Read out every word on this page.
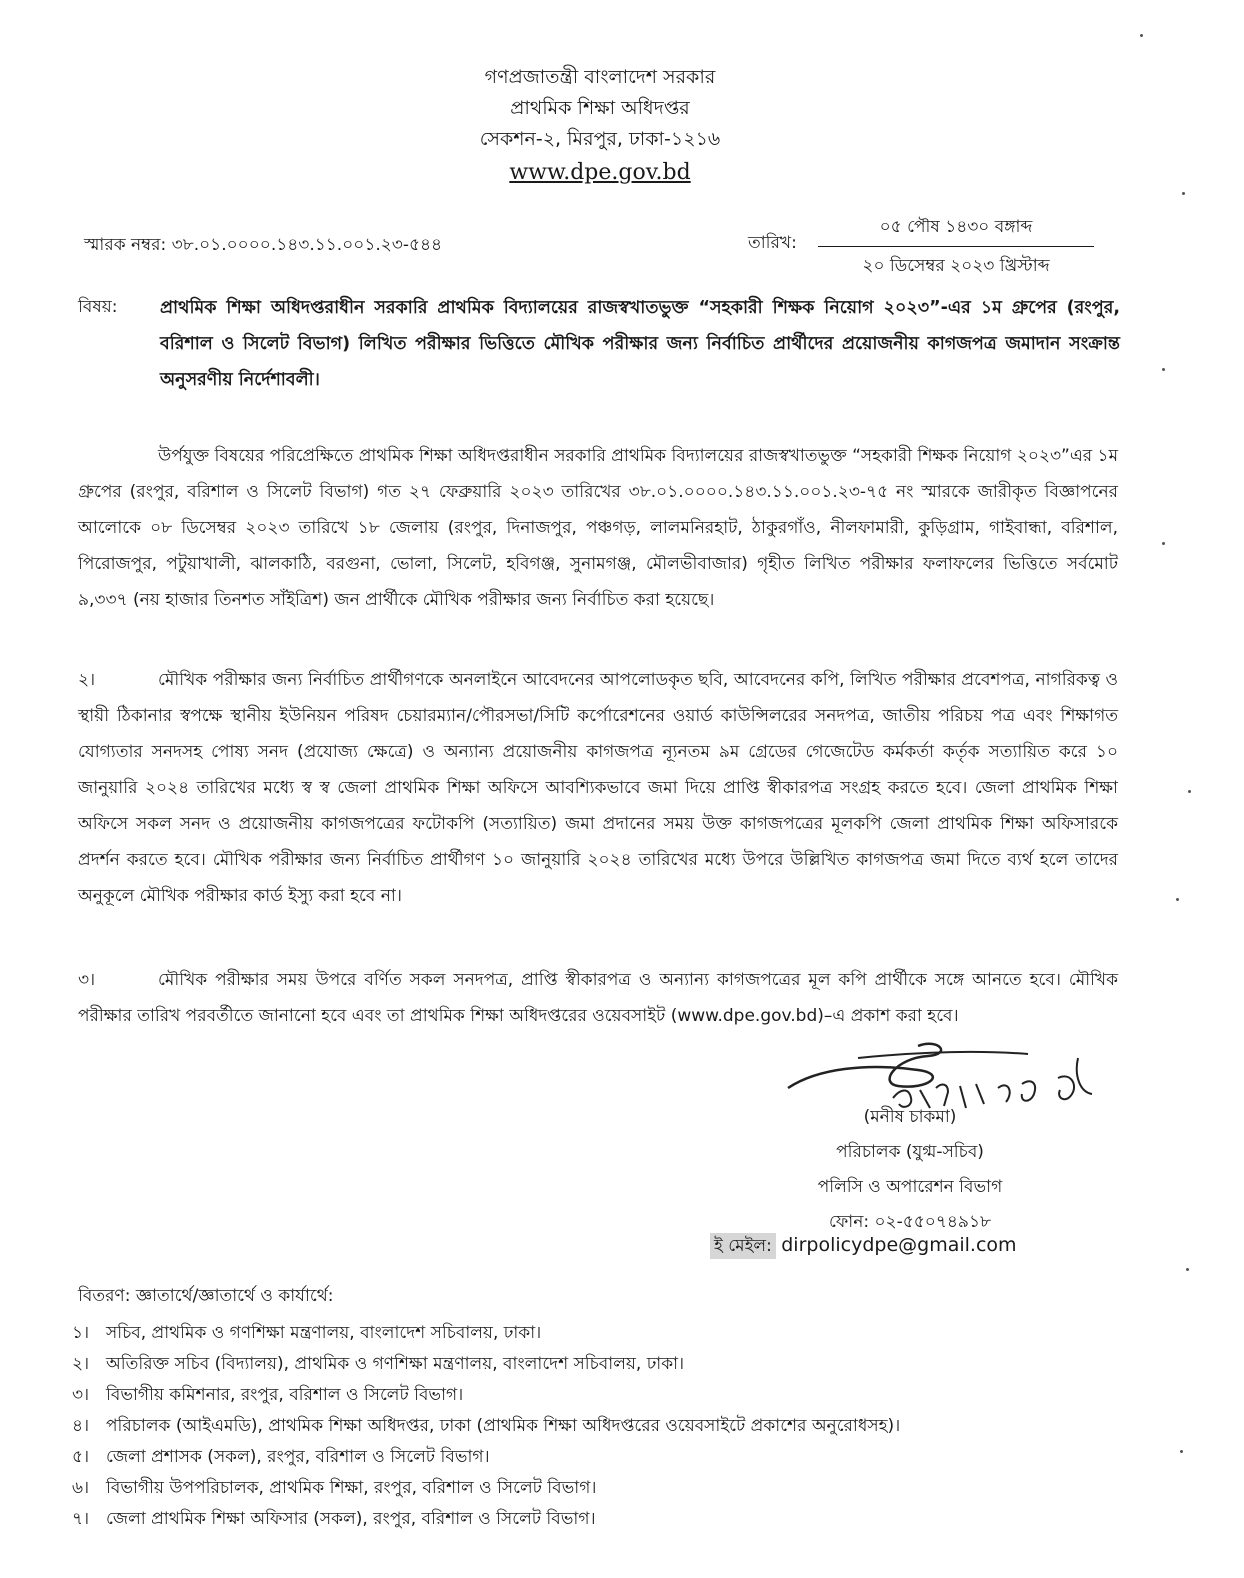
গণপ্রজাতন্ত্রী বাংলাদেশ সরকার
প্রাথমিক শিক্ষা অধিদপ্তর
সেকশন-২, মিরপুর, ঢাকা-১২১৬
www.dpe.gov.bd
স্মারক নম্বর: ৩৮.০১.০০০০.১৪৩.১১.০০১.২৩-৫৪৪	তারিখ:
০৫ পৌষ ১৪৩০ বঙ্গাব্দ
২০ ডিসেম্বর ২০২৩ খ্রিস্টাব্দ
বিষয়: প্রাথমিক শিক্ষা অধিদপ্তরাধীন সরকারি প্রাথমিক বিদ্যালয়ের রাজস্বখাতভুক্ত “সহকারী শিক্ষক নিয়োগ ২০২৩”-এর ১ম গ্রুপের (রংপুর, বরিশাল ও সিলেট বিভাগ) লিখিত পরীক্ষার ভিত্তিতে মৌখিক পরীক্ষার জন্য নির্বাচিত প্রার্থীদের প্রয়োজনীয় কাগজপত্র জমাদান সংক্রান্ত অনুসরণীয় নির্দেশাবলী।
উর্পযুক্ত বিষয়ের পরিপ্রেক্ষিতে প্রাথমিক শিক্ষা অধিদপ্তরাধীন সরকারি প্রাথমিক বিদ্যালয়ের রাজস্বখাতভুক্ত “সহকারী শিক্ষক নিয়োগ ২০২৩”এর ১ম গ্রুপের (রংপুর, বরিশাল ও সিলেট বিভাগ) গত ২৭ ফেব্রুয়ারি ২০২৩ তারিখের ৩৮.০১.০০০০.১৪৩.১১.০০১.২৩-৭৫ নং স্মারকে জারীকৃত বিজ্ঞাপনের আলোকে ০৮ ডিসেম্বর ২০২৩ তারিখে ১৮ জেলায় (রংপুর, দিনাজপুর, পঞ্চগড়, লালমনিরহাট, ঠাকুরগাঁও, নীলফামারী, কুড়িগ্রাম, গাইবান্ধা, বরিশাল, পিরোজপুর, পটুয়াখালী, ঝালকাঠি, বরগুনা, ভোলা, সিলেট, হবিগঞ্জ, সুনামগঞ্জ, মৌলভীবাজার) গৃহীত লিখিত পরীক্ষার ফলাফলের ভিত্তিতে সর্বমোট ৯,৩৩৭ (নয় হাজার তিনশত সাঁইত্রিশ) জন প্রার্থীকে মৌখিক পরীক্ষার জন্য নির্বাচিত করা হয়েছে।
২।	মৌখিক পরীক্ষার জন্য নির্বাচিত প্রার্থীগণকে অনলাইনে আবেদনের আপলোডকৃত ছবি, আবেদনের কপি, লিখিত পরীক্ষার প্রবেশপত্র, নাগরিকত্ব ও স্থায়ী ঠিকানার স্বপক্ষে স্থানীয় ইউনিয়ন পরিষদ চেয়ারম্যান/পৌরসভা/সিটি কর্পোরেশনের ওয়ার্ড কাউন্সিলরের সনদপত্র, জাতীয় পরিচয় পত্র এবং শিক্ষাগত যোগ্যতার সনদসহ পোষ্য সনদ (প্রযোজ্য ক্ষেত্রে) ও অন্যান্য প্রয়োজনীয় কাগজপত্র ন্যূনতম ৯ম গ্রেডের গেজেটেড কর্মকর্তা কর্তৃক সত্যায়িত করে ১০ জানুয়ারি ২০২৪ তারিখের মধ্যে স্ব স্ব জেলা প্রাথমিক শিক্ষা অফিসে আবশ্যিকভাবে জমা দিয়ে প্রাপ্তি স্বীকারপত্র সংগ্রহ করতে হবে। জেলা প্রাথমিক শিক্ষা অফিসে সকল সনদ ও প্রয়োজনীয় কাগজপত্রের ফটোকপি (সত্যায়িত) জমা প্রদানের সময় উক্ত কাগজপত্রের মূলকপি জেলা প্রাথমিক শিক্ষা অফিসারকে প্রদর্শন করতে হবে। মৌখিক পরীক্ষার জন্য নির্বাচিত প্রার্থীগণ ১০ জানুয়ারি ২০২৪ তারিখের মধ্যে উপরে উল্লিখিত কাগজপত্র জমা দিতে ব্যর্থ হলে তাদের অনুকূলে মৌখিক পরীক্ষার কার্ড ইস্যু করা হবে না।
৩।	মৌখিক পরীক্ষার সময় উপরে বর্ণিত সকল সনদপত্র, প্রাপ্তি স্বীকারপত্র ও অন্যান্য কাগজপত্রের মূল কপি প্রার্থীকে সঙ্গে আনতে হবে। মৌখিক পরীক্ষার তারিখ পরবর্তীতে জানানো হবে এবং তা প্রাথমিক শিক্ষা অধিদপ্তরের ওয়েবসাইট (www.dpe.gov.bd)–এ প্রকাশ করা হবে।
(মনীষ চাকমা)
পরিচালক (যুগ্ম-সচিব)
পলিসি ও অপারেশন বিভাগ
ফোন: ০২-৫৫০৭৪৯১৮
ই মেইল: dirpolicydpe@gmail.com
বিতরণ: জ্ঞাতার্থে/জ্ঞাতার্থে ও কার্যার্থে:
১। সচিব, প্রাথমিক ও গণশিক্ষা মন্ত্রণালয়, বাংলাদেশ সচিবালয়, ঢাকা।
২। অতিরিক্ত সচিব (বিদ্যালয়), প্রাথমিক ও গণশিক্ষা মন্ত্রণালয়, বাংলাদেশ সচিবালয়, ঢাকা।
৩। বিভাগীয় কমিশনার, রংপুর, বরিশাল ও সিলেট বিভাগ।
৪। পরিচালক (আইএমডি), প্রাথমিক শিক্ষা অধিদপ্তর, ঢাকা (প্রাথমিক শিক্ষা অধিদপ্তরের ওয়েবসাইটে প্রকাশের অনুরোধসহ)।
৫। জেলা প্রশাসক (সকল), রংপুর, বরিশাল ও সিলেট বিভাগ।
৬। বিভাগীয় উপপরিচালক, প্রাথমিক শিক্ষা, রংপুর, বরিশাল ও সিলেট বিভাগ।
৭। জেলা প্রাথমিক শিক্ষা অফিসার (সকল), রংপুর, বরিশাল ও সিলেট বিভাগ।
